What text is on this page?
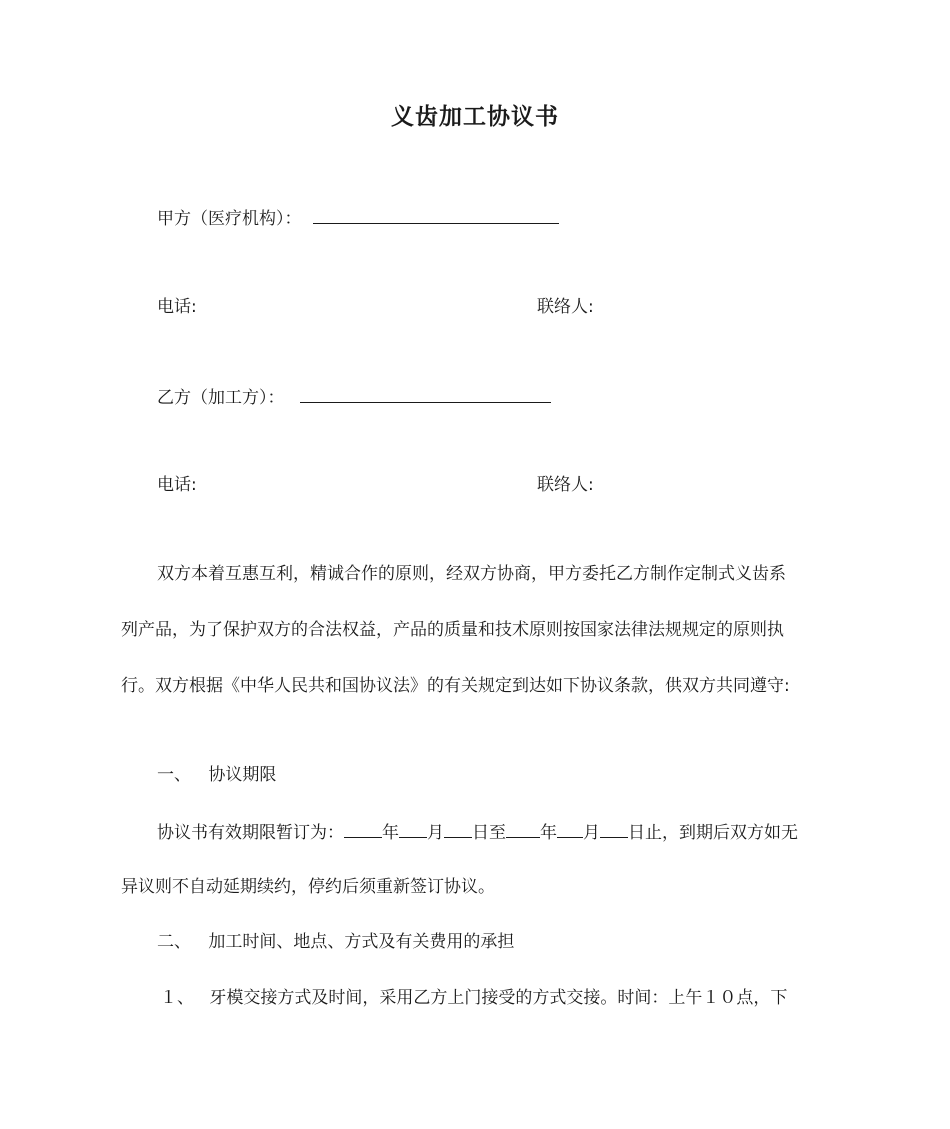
义齿加工协议书
甲方（医疗机构）：
电话:	联络人:
乙方（加工方）：
电话:	联络人:
双方本着互惠互利，精诚合作的原则，经双方协商，甲方委托乙方制作定制式义齿系
列产品，为了保护双方的合法权益，产品的质量和技术原则按国家法律法规规定的原则执
行。双方根据《中华人民共和国协议法》的有关规定到达如下协议条款，供双方共同遵守:
一、 协议期限
协议书有效期限暂订为： 年 月 日至 年 月 日止，到期后双方如无
异议则不自动延期续约，停约后须重新签订协议。
二、 加工时间、地点、方式及有关费用的承担
１、 牙模交接方式及时间，采用乙方上门接受的方式交接。时间：上午１０点，下
